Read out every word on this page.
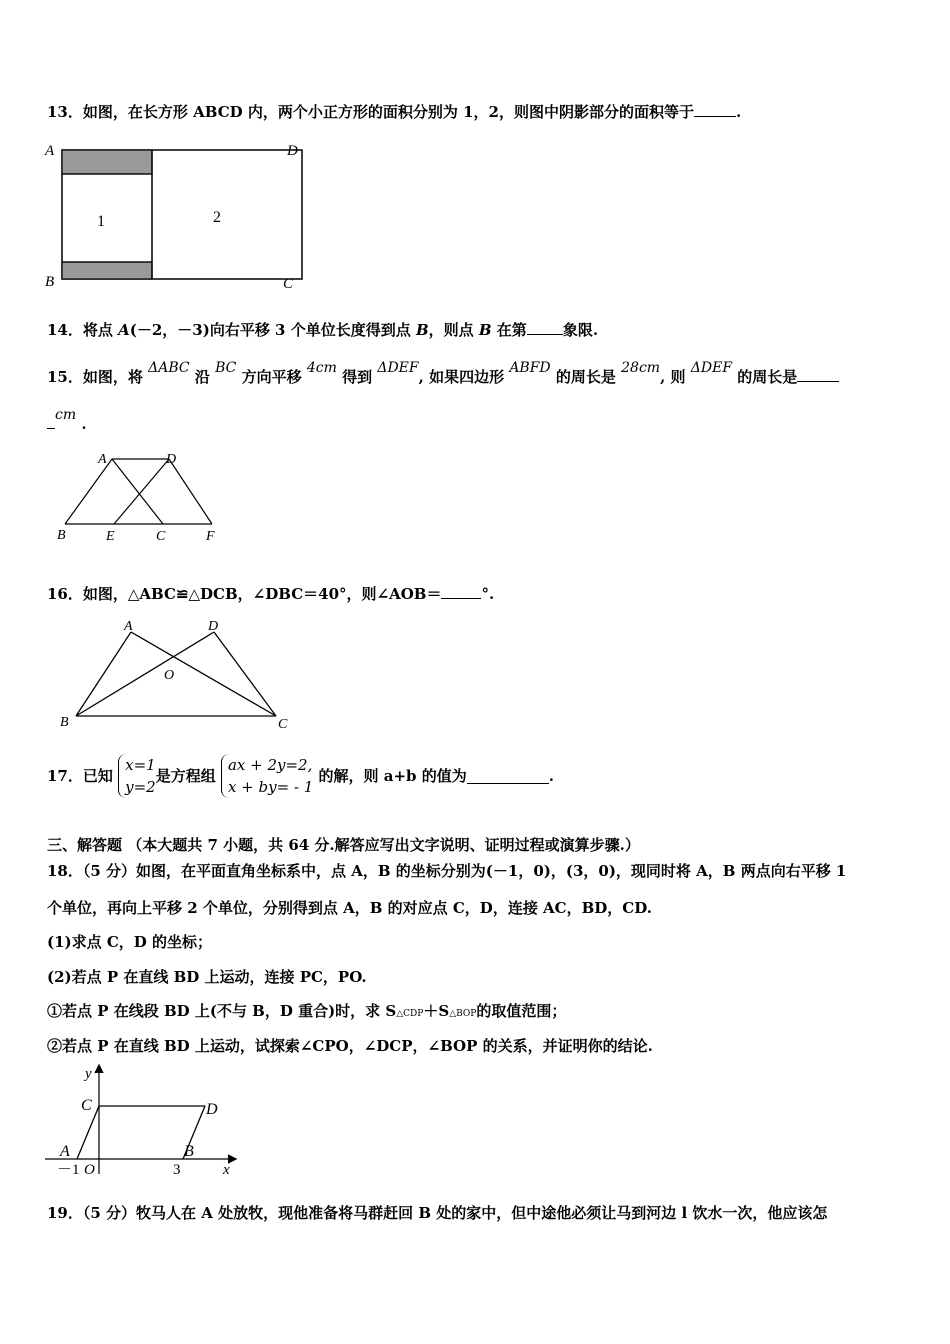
13．如图，在长方形 ABCD 内，两个小正方形的面积分别为 1，2，则图中阴影部分的面积等于	.
A	D
B	C
1	2
14．将点 A(－2，－3)向右平移 3 个单位长度得到点 B，则点 B 在第 象限.
15．如图，将 ΔABC 沿 BC 方向平移 4cm 得到 ΔDEF, 如果四边形 ABFD 的周长是 28cm, 则 ΔDEF 的周长是
cm .
A	D
B	E	C	F
16．如图，△ABC≌△DCB，∠DBC＝40°，则∠AOB＝	°.
A	D
O
B	C
17．已知 x=1
y=2是方程组 ax + 2y=2,
x + by= - 1 的解，则 a+b 的值为	.
三、解答题 （本大题共 7 小题，共 64 分.解答应写出文字说明、证明过程或演算步骤.）
18．（5 分）如图，在平面直角坐标系中，点 A，B 的坐标分别为(－1，0)，(3，0)，现同时将 A，B 两点向右平移 1
个单位，再向上平移 2 个单位，分别得到点 A，B 的对应点 C，D，连接 AC，BD，CD.
(1)求点 C，D 的坐标；
(2)若点 P 在直线 BD 上运动，连接 PC，PO.
①若点 P 在线段 BD 上(不与 B，D 重合)时，求 S△CDP＋S△BOP的取值范围；
②若点 P 在直线 BD 上运动，试探索∠CPO，∠DCP，∠BOP 的关系，并证明你的结论.
y
x
C	D
A	B
－1 O	3
19．（5 分）牧马人在 A 处放牧，现他准备将马群赶回 B 处的家中，但中途他必须让马到河边 l 饮水一次，他应该怎
